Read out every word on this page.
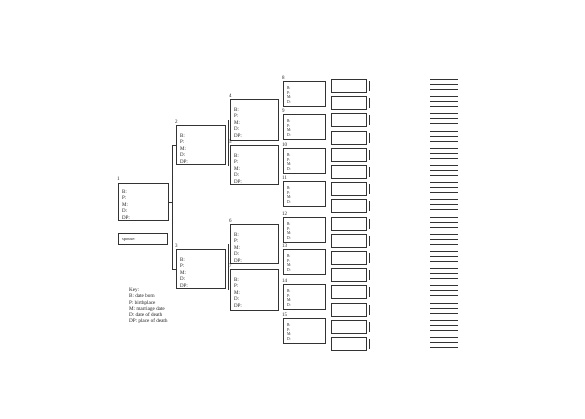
1
B:
P:
M:
D:
DP:
spouse:
2
B:
P:
M:
D:
DP:
3
B:
P:
M:
D:
DP:
4
B:
P:
M:
D:
DP:
5
B:
P:
M:
D:
DP:
6
B:
P:
M:
D:
DP:
7
B:
P:
M:
D:
DP:
8
B:
P:
M:
D:
9
B:
P:
M:
D:
10
B:
P:
M:
D:
11
B:
P:
M:
D:
12
B:
P:
M:
D:
13
B:
P:
M:
D:
14
B:
P:
M:
D:
15
B:
P:
M:
D:
Key:
B: date born
P: birthplace
M: marriage date
D: date of death
DP: place of death
